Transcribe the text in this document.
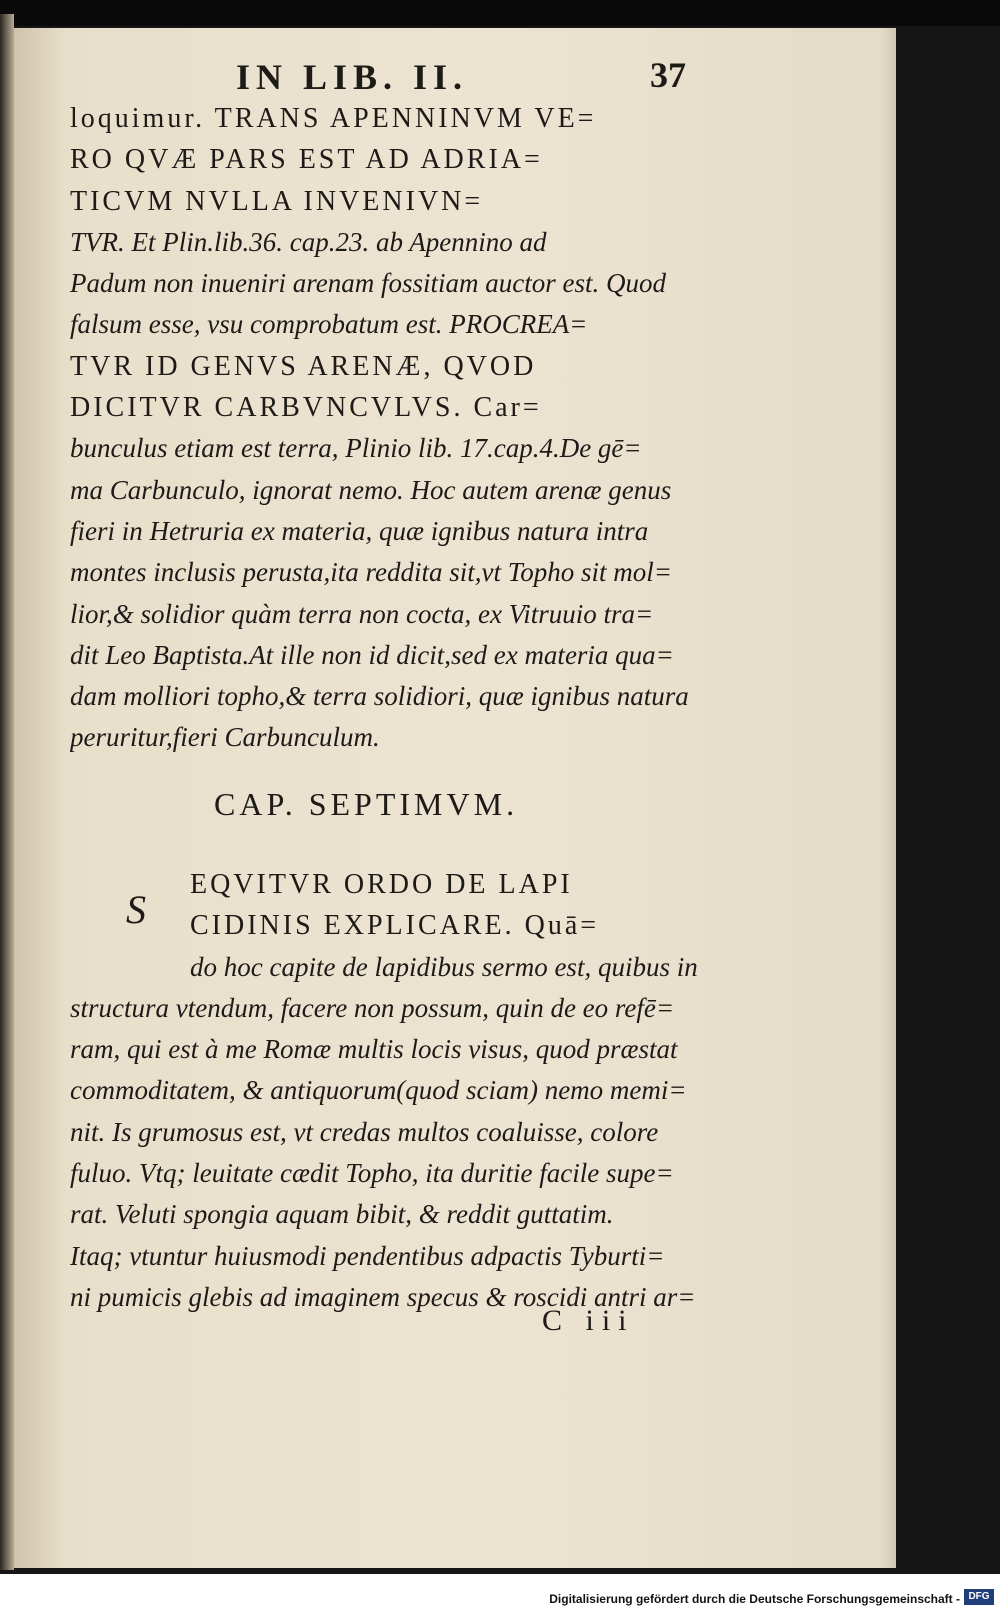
IN LIB. II.	37
loquimur. TRANS APENNINVM VE=
RO QVÆ PARS EST AD ADRIA=
TICVM NVLLA INVENIVN=
TVR. Et Plin.lib.36. cap.23. ab Apennino ad
Padum non inueniri arenam fossitiam auctor est. Quod
falsum esse, vsu comprobatum est. PROCREA=
TVR ID GENVS ARENÆ, QVOD
DICITVR CARBVNCVLVS. Car=
bunculus etiam est terra, Plinio lib. 17.cap.4.De gē=
ma Carbunculo, ignorat nemo. Hoc autem arenæ genus
fieri in Hetruria ex materia, quæ ignibus natura intra
montes inclusis perusta,ita reddita sit,vt Topho sit mol=
lior,& solidior quàm terra non cocta, ex Vitruuio tra=
dit Leo Baptista.At ille non id dicit,sed ex materia qua=
dam molliori topho,& terra solidiori, quæ ignibus natura
peruritur,fieri Carbunculum.
CAP. SEPTIMVM.
EQVITVR ORDO DE LAPI
CIDINIS EXPLICARE. Quā=
do hoc capite de lapidibus sermo est, quibus in
structura vtendum, facere non possum, quin de eo refē=
ram, qui est à me Romæ multis locis visus, quod præstat
commoditatem, & antiquorum(quod sciam) nemo memi=
nit. Is grumosus est, vt credas multos coaluisse, colore
fuluo. Vtq; leuitate cædit Topho, ita duritie facile supe=
rat. Veluti spongia aquam bibit, & reddit guttatim.
Itaq; vtuntur huiusmodi pendentibus adpactis Tyburti=
ni pumicis glebis ad imaginem specus & roscidi antri ar=
S
C iii
Digitalisierung gefördert durch die Deutsche Forschungsgemeinschaft - DFG
